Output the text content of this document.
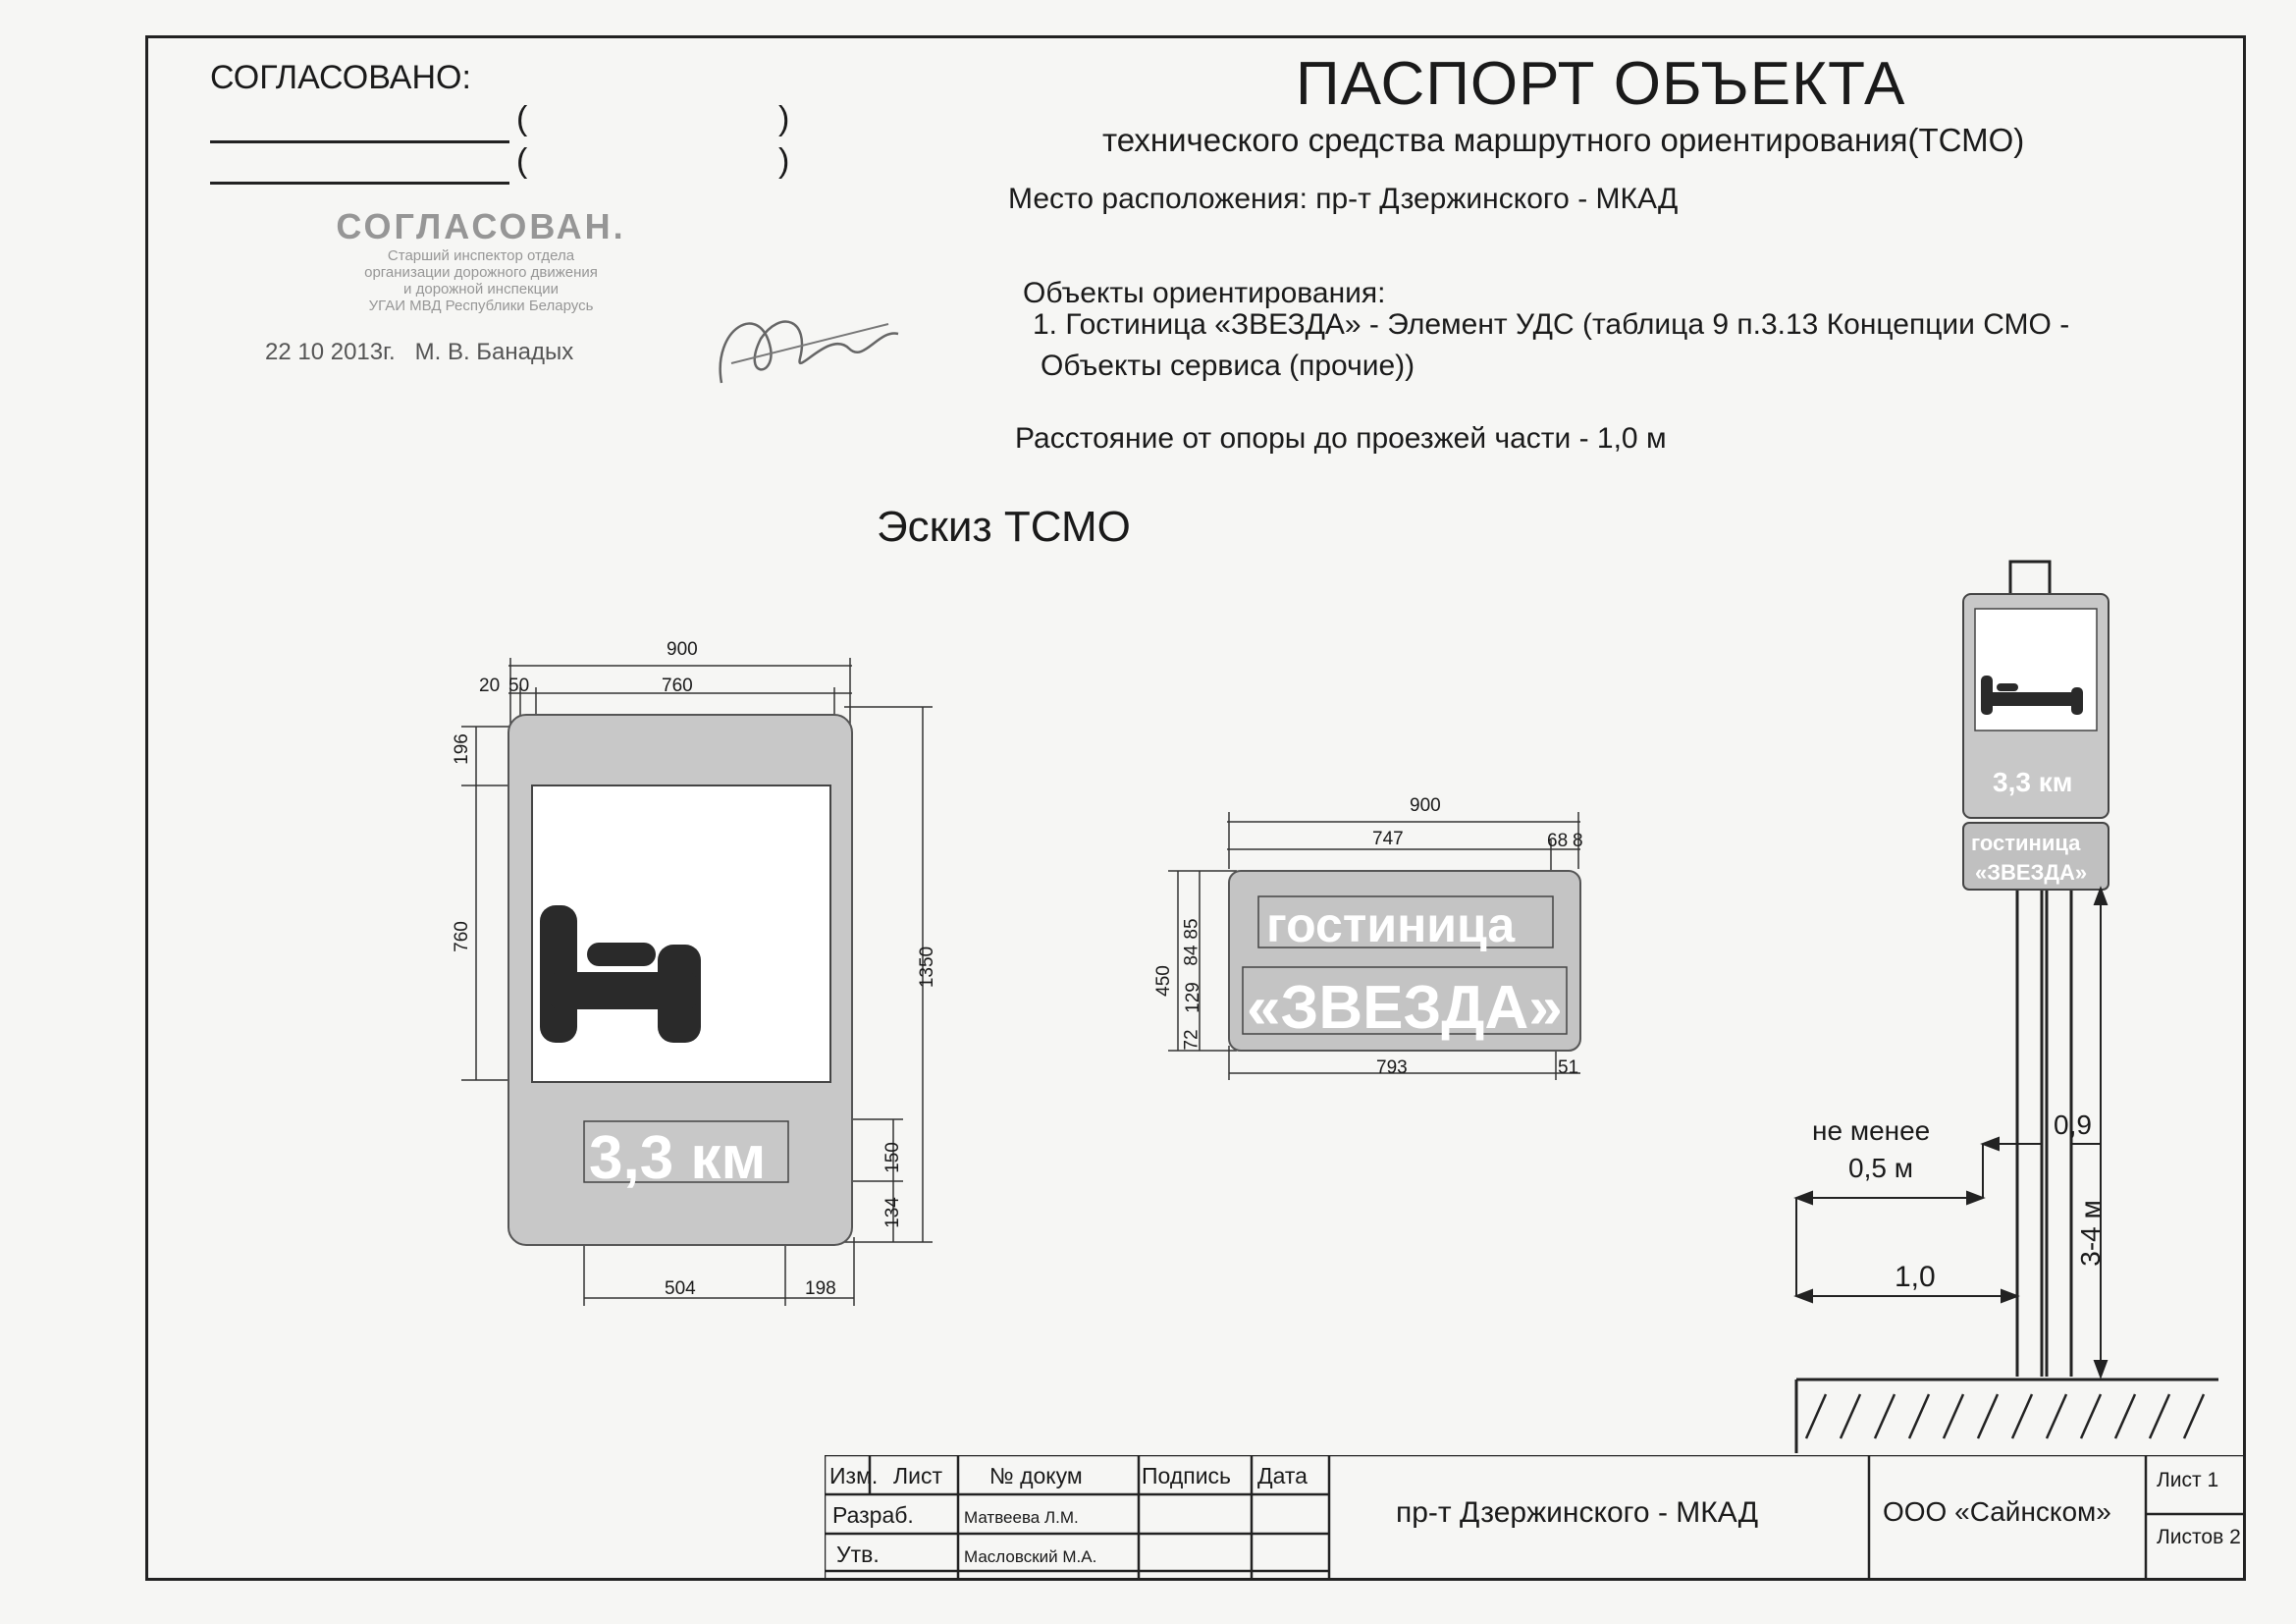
СОГЛАСОВАНО:
(	)
(	)
СОГЛАСОВАН.
Старший инспектор отдела
организации дорожного движения
и дорожной инспекции
УГАИ МВД Республики Беларусь
22 10 2013г. М. В. Банадых
ПАСПОРТ ОБЪЕКТА
технического средства маршрутного ориентирования(ТСМО)
Место расположения: пр-т Дзержинского - МКАД
Объекты ориентирования:
1. Гостиница «ЗВЕЗДА» - Элемент УДС (таблица 9 п.3.13 Концепции СМО -
Объекты сервиса (прочие))
Расстояние от опоры до проезжей части - 1,0 м
Эскиз ТСМО
3,3 км
900
760
20 50
196
760
1350
150
134
504	198
гостиница
«ЗВЕЗДА»
900
747	68 8
450
85
84
129
72
793	51
3,3 км
гостиница
«ЗВЕЗДА»
не менее
0,5 м
1,0
0,9
3-4 м
Изм. Лист № докум	Подпись Дата
Разраб.	Матвеева Л.М.
Утв.	Масловский М.А.
пр-т Дзержинского - МКАД	ООО «Сайнском»
Лист 1
Листов 2
